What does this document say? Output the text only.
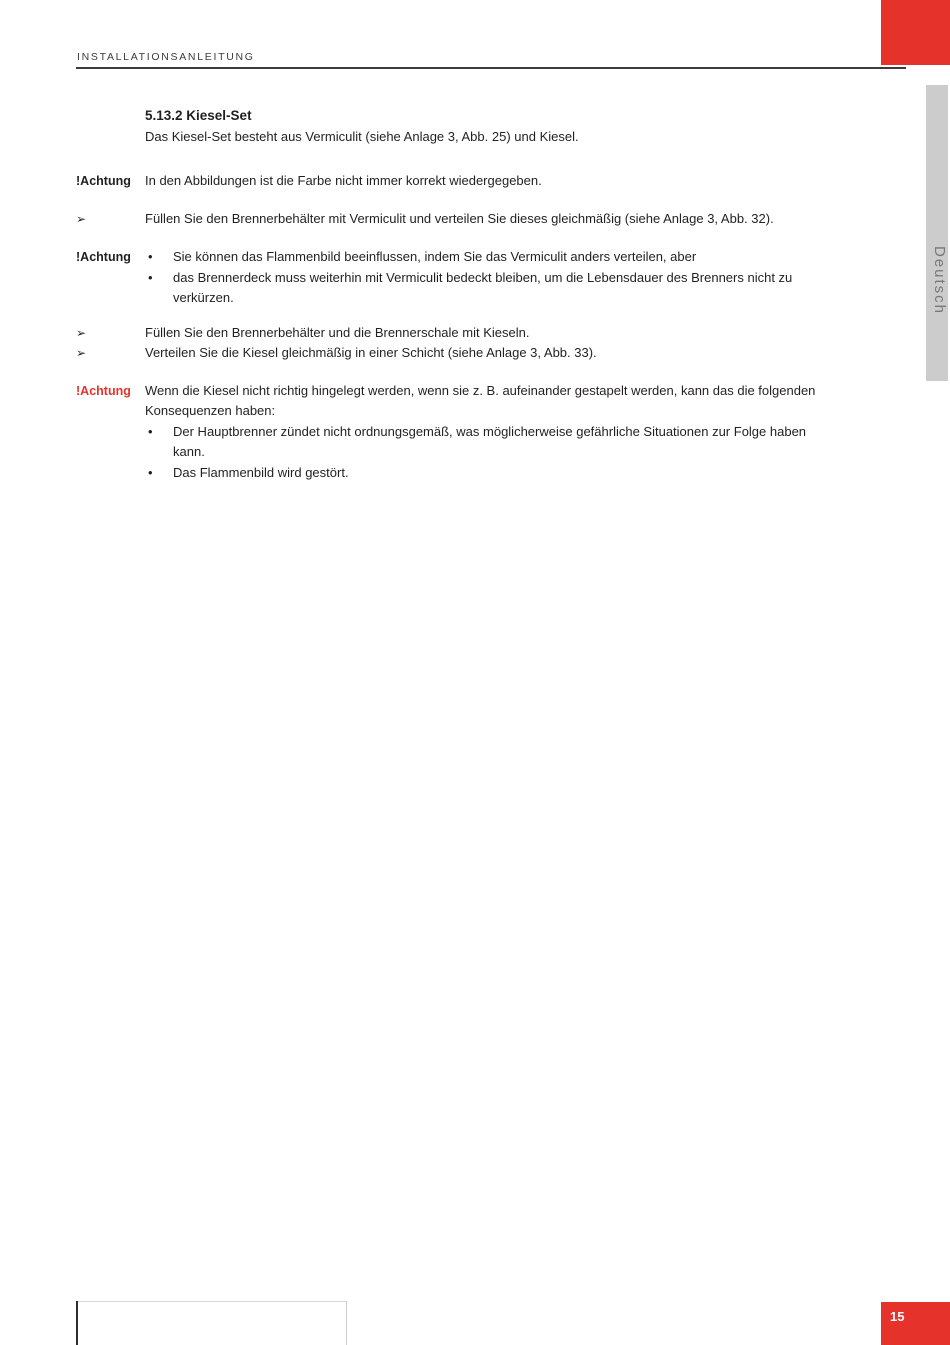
INSTALLATIONSANLEITUNG
Deutsch
5.13.2 Kiesel-Set
Das Kiesel-Set besteht aus Vermiculit (siehe Anlage 3, Abb. 25) und Kiesel.
!Achtung	In den Abbildungen ist die Farbe nicht immer korrekt wiedergegeben.
➢	Füllen Sie den Brennerbehälter mit Vermiculit und verteilen Sie dieses gleichmäßig (siehe Anlage 3, Abb. 32).
!Achtung	•	Sie können das Flammenbild beeinflussen, indem Sie das Vermiculit anders verteilen, aber
•	das Brennerdeck muss weiterhin mit Vermiculit bedeckt bleiben, um die Lebensdauer des Brenners nicht zu verkürzen.
➢	Füllen Sie den Brennerbehälter und die Brennerschale mit Kieseln.
➢	Verteilen Sie die Kiesel gleichmäßig in einer Schicht (siehe Anlage 3, Abb. 33).
!Achtung	Wenn die Kiesel nicht richtig hingelegt werden, wenn sie z. B. aufeinander gestapelt werden, kann das die folgenden Konsequenzen haben:
•	Der Hauptbrenner zündet nicht ordnungsgemäß, was möglicherweise gefährliche Situationen zur Folge haben kann.
•	Das Flammenbild wird gestört.
15
